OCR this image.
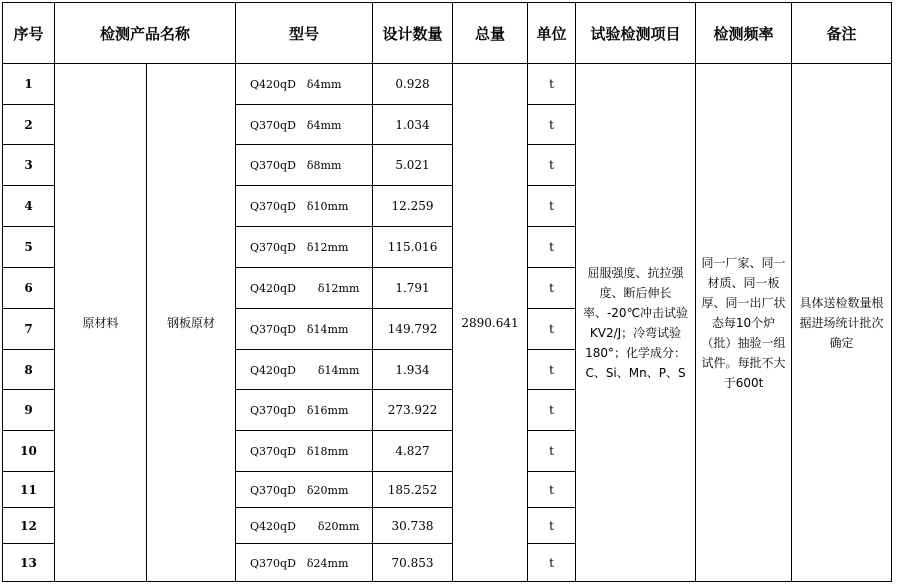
序号	检测产品名称		型号	设计数量	总量	单位	试验检测项目	检测频率	备注
1	原材料	钢板原材	Q420qD　δ4mm	0.928	2890.641	t	屈服强度、抗拉强度、断后伸长率、-20℃冲击试验KV2/J；冷弯试验180°；化学成分：C、Si、Mn、P、S	同一厂家、同一材质、同一板厚、同一出厂状态每10个炉（批）抽验一组试件。每批不大于600t	具体送检数量根据进场统计批次确定
2			Q370qD　δ4mm	1.034		t			
3			Q370qD　δ8mm	5.021		t			
4			Q370qD　δ10mm	12.259		t			
5			Q370qD　δ12mm	115.016		t			
6			Q420qD　　δ12mm	1.791		t			
7			Q370qD　δ14mm	149.792		t			
8			Q420qD　　δ14mm	1.934		t			
9			Q370qD　δ16mm	273.922		t			
10			Q370qD　δ18mm	4.827		t			
11			Q370qD　δ20mm	185.252		t			
12			Q420qD　　δ20mm	30.738		t			
13			Q370qD　δ24mm	70.853		t			
